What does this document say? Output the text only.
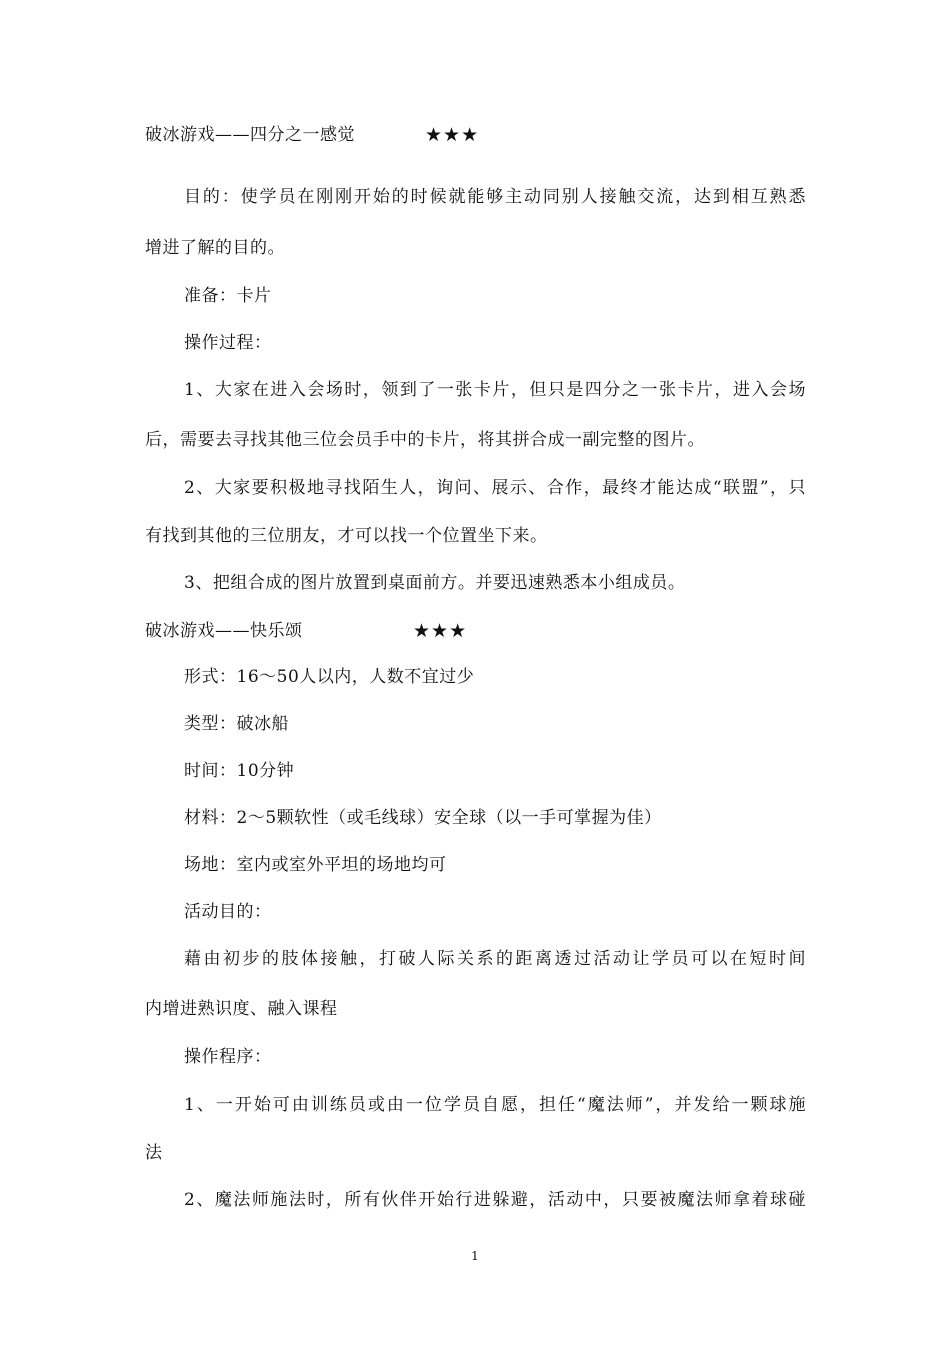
破冰游戏——四分之一感觉	★★★
目的：使学员在刚刚开始的时候就能够主动同别人接触交流，达到相互熟悉
增进了解的目的。
准备：卡片
操作过程：
1、大家在进入会场时，领到了一张卡片，但只是四分之一张卡片，进入会场
后，需要去寻找其他三位会员手中的卡片，将其拼合成一副完整的图片。
2、大家要积极地寻找陌生人，询问、展示、合作，最终才能达成“联盟”，只
有找到其他的三位朋友，才可以找一个位置坐下来。
3、把组合成的图片放置到桌面前方。并要迅速熟悉本小组成员。
破冰游戏——快乐颂	★★★
形式：16～50人以内，人数不宜过少
类型：破冰船
时间：10分钟
材料：2～5颗软性（或毛线球）安全球（以一手可掌握为佳）
场地：室内或室外平坦的场地均可
活动目的：
藉由初步的肢体接触，打破人际关系的距离透过活动让学员可以在短时间
内增进熟识度、融入课程
操作程序：
1、一开始可由训练员或由一位学员自愿，担任“魔法师”，并发给一颗球施
法
2、魔法师施法时，所有伙伴开始行进躲避，活动中，只要被魔法师拿着球碰
1
